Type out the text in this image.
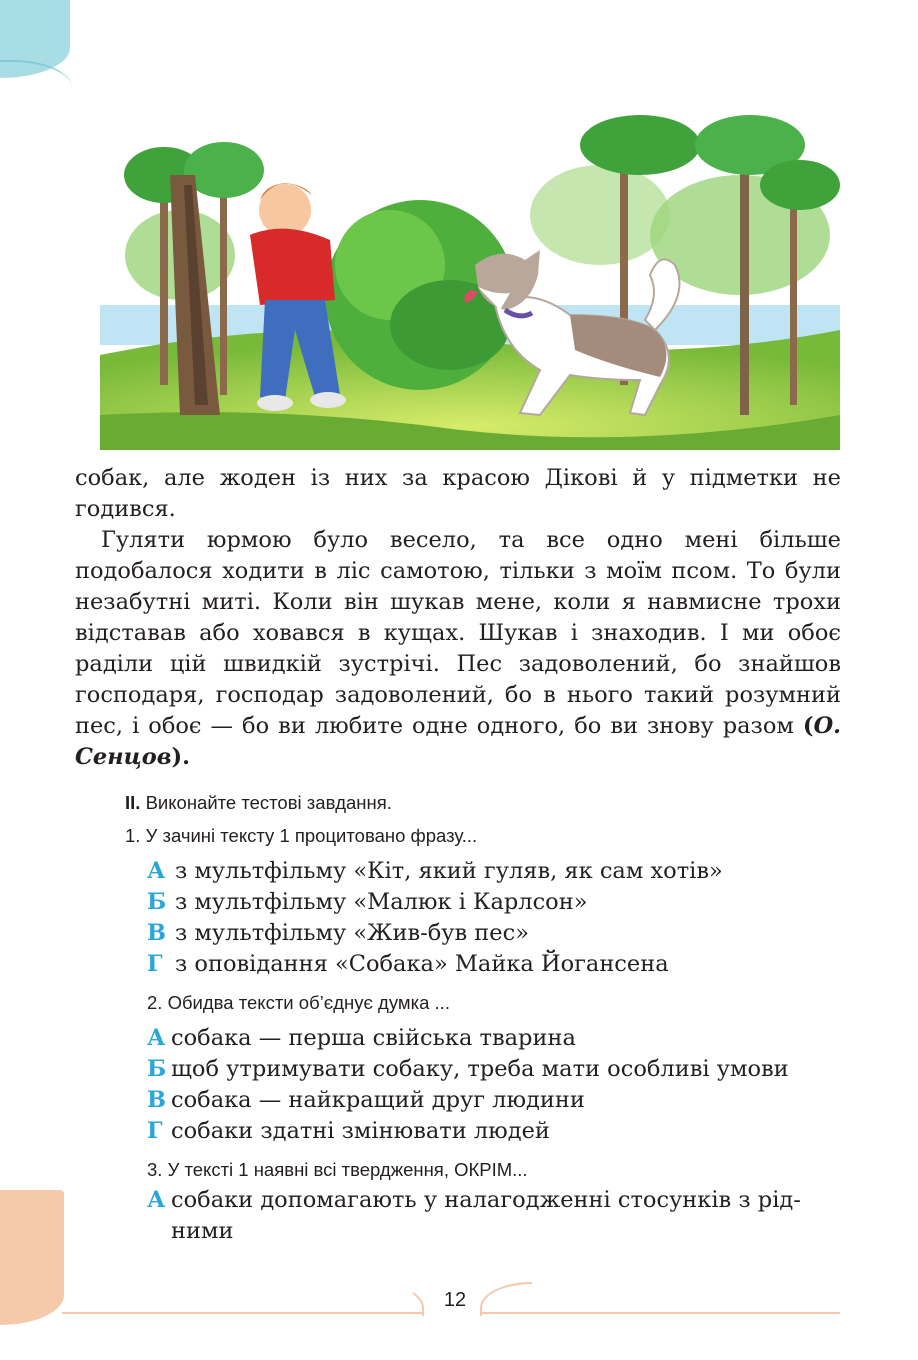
собак, але жоден із них за красою Дікові й у підметки не годився.

Гуляти юрмою було весело, та все одно мені більше подобалося ходити в ліс самотою, тільки з моїм псом. То були незабутні миті. Коли він шукав мене, коли я навмисне трохи відставав або ховався в кущах. Шукав і знаходив. І ми обоє раділи цій швидкій зустрічі. Пес задоволений, бо знайшов господаря, господар задоволений, бо в нього такий розумний пес, і обоє — бо ви любите одне одного, бо ви знову разом (О. Сенцов).

II. Виконайте тестові завдання.
1. У зачині тексту 1 процитовано фразу...
А з мультфільму «Кіт, який гуляв, як сам хотів»
Б з мультфільму «Малюк і Карлсон»
В з мультфільму «Жив-був пес»
Г з оповідання «Собака» Майка Йогансена
2. Обидва тексти об’єднує думка ...
А собака — перша свійська тварина
Б щоб утримувати собаку, треба мати особливі умови
В собака — найкращий друг людини
Г собаки здатні змінювати людей
3. У тексті 1 наявні всі твердження, ОКРІМ...
А собаки допомагають у налагодженні стосунків з рід-
ними
12
